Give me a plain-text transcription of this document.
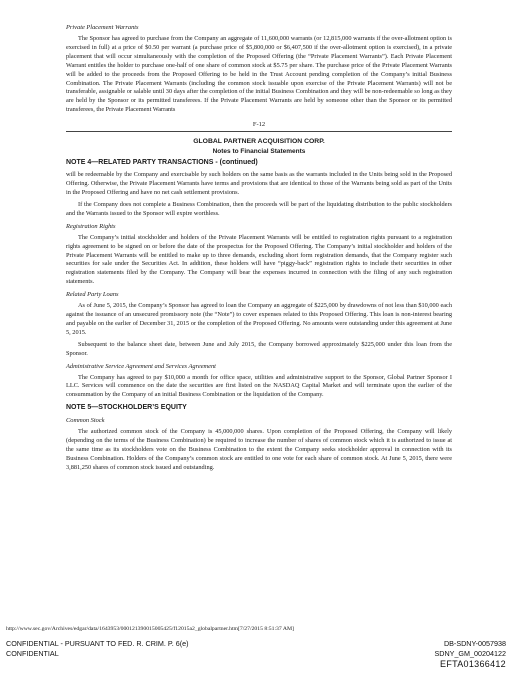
Private Placement Warrants

The Sponsor has agreed to purchase from the Company an aggregate of 11,600,000 warrants (or 12,815,000 warrants if the over-allotment option is exercised in full) at a price of $0.50 per warrant (a purchase price of $5,800,000 or $6,407,500 if the over-allotment option is exercised), in a private placement that will occur simultaneously with the completion of the Proposed Offering (the “Private Placement Warrants”). Each Private Placement Warrant entitles the holder to purchase one-half of one share of common stock at $5.75 per share. The purchase price of the Private Placement Warrants will be added to the proceeds from the Proposed Offering to be held in the Trust Account pending completion of the Company’s initial Business Combination. The Private Placement Warrants (including the common stock issuable upon exercise of the Private Placement Warrants) will not be transferable, assignable or salable until 30 days after the completion of the initial Business Combination and they will be non-redeemable so long as they are held by the Sponsor or its permitted transferees. If the Private Placement Warrants are held by someone other than the Sponsor or its permitted transferees, the Private Placement Warrants

F-12
GLOBAL PARTNER ACQUISITION CORP.
Notes to Financial Statements
NOTE 4—RELATED PARTY TRANSACTIONS - (continued)

will be redeemable by the Company and exercisable by such holders on the same basis as the warrants included in the Units being sold in the Proposed Offering. Otherwise, the Private Placement Warrants have terms and provisions that are identical to those of the Warrants being sold as part of the Units in the Proposed Offering and have no net cash settlement provisions.

If the Company does not complete a Business Combination, then the proceeds will be part of the liquidating distribution to the public stockholders and the Warrants issued to the Sponsor will expire worthless.

Registration Rights

The Company’s initial stockholder and holders of the Private Placement Warrants will be entitled to registration rights pursuant to a registration rights agreement to be signed on or before the date of the prospectus for the Proposed Offering. The Company’s initial stockholder and holders of the Private Placement Warrants will be entitled to make up to three demands, excluding short form registration demands, that the Company register such securities for sale under the Securities Act. In addition, these holders will have “piggy-back” registration rights to include their securities in other registration statements filed by the Company. The Company will bear the expenses incurred in connection with the filing of any such registration statements.

Related Party Loans

As of June 5, 2015, the Company’s Sponsor has agreed to loan the Company an aggregate of $225,000 by drawdowns of not less than $10,000 each against the issuance of an unsecured promissory note (the “Note”) to cover expenses related to this Proposed Offering. This loan is non-interest bearing and payable on the earlier of December 31, 2015 or the completion of the Proposed Offering. No amounts were outstanding under this agreement at June 5, 2015.

Subsequent to the balance sheet date, between June and July 2015, the Company borrowed approximately $225,000 under this loan from the Sponsor.

Administrative Service Agreement and Services Agreement

The Company has agreed to pay $10,000 a month for office space, utilities and administrative support to the Sponsor, Global Partner Sponsor I LLC. Services will commence on the date the securities are first listed on the NASDAQ Capital Market and will terminate upon the earlier of the consummation by the Company of an initial Business Combination or the liquidation of the Company.

NOTE 5—STOCKHOLDER’S EQUITY
Common Stock

The authorized common stock of the Company is 45,000,000 shares. Upon completion of the Proposed Offering, the Company will likely (depending on the terms of the Business Combination) be required to increase the number of shares of common stock which it is authorized to issue at the same time as its stockholders vote on the Business Combination to the extent the Company seeks stockholder approval in connection with its Business Combination. Holders of the Company’s common stock are entitled to one vote for each share of common stock. At June 5, 2015, there were 3,881,250 shares of common stock issued and outstanding.

http://www.sec.gov/Archives/edgar/data/1643953/000121390015005425/f12015a2_globalpartner.htm[7/27/2015 8:51:37 AM]
CONFIDENTIAL - PURSUANT TO FED. R. CRIM. P. 6(e)	DB-SDNY-0057938
CONFIDENTIAL	SDNY_GM_00204122
EFTA01366412
